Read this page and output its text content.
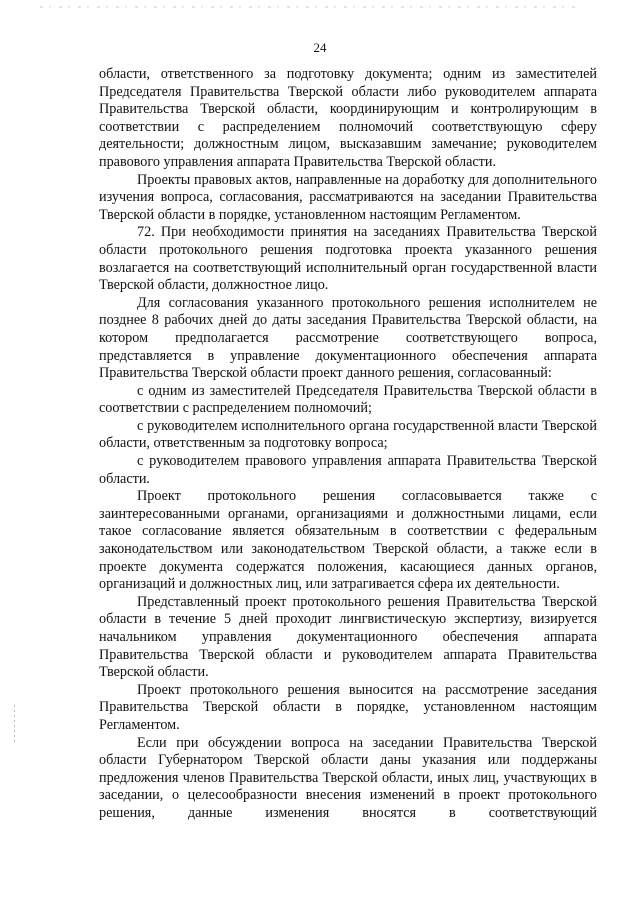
24

области, ответственного за подготовку документа; одним из заместителей Председателя Правительства Тверской области либо руководителем аппарата Правительства Тверской области, координирующим и контролирующим в соответствии с распределением полномочий соответствующую сферу деятельности; должностным лицом, высказавшим замечание; руководителем правового управления аппарата Правительства Тверской области.

Проекты правовых актов, направленные на доработку для дополнительного изучения вопроса, согласования, рассматриваются на заседании Правительства Тверской области в порядке, установленном настоящим Регламентом.

72. При необходимости принятия на заседаниях Правительства Тверской области протокольного решения подготовка проекта указанного решения возлагается на соответствующий исполнительный орган государственной власти Тверской области, должностное лицо.

Для согласования указанного протокольного решения исполнителем не позднее 8 рабочих дней до даты заседания Правительства Тверской области, на котором предполагается рассмотрение соответствующего вопроса, представляется в управление документационного обеспечения аппарата Правительства Тверской области проект данного решения, согласованный:

с одним из заместителей Председателя Правительства Тверской области в соответствии с распределением полномочий;

с руководителем исполнительного органа государственной власти Тверской области, ответственным за подготовку вопроса;

с руководителем правового управления аппарата Правительства Тверской области.

Проект протокольного решения согласовывается также с заинтересованными органами, организациями и должностными лицами, если такое согласование является обязательным в соответствии с федеральным законодательством или законодательством Тверской области, а также если в проекте документа содержатся положения, касающиеся данных органов, организаций и должностных лиц, или затрагивается сфера их деятельности.

Представленный проект протокольного решения Правительства Тверской области в течение 5 дней проходит лингвистическую экспертизу, визируется начальником управления документационного обеспечения аппарата Правительства Тверской области и руководителем аппарата Правительства Тверской области.

Проект протокольного решения выносится на рассмотрение заседания Правительства Тверской области в порядке, установленном настоящим Регламентом.

Если при обсуждении вопроса на заседании Правительства Тверской области Губернатором Тверской области даны указания или поддержаны предложения членов Правительства Тверской области, иных лиц, участвующих в заседании, о целесообразности внесения изменений в проект протокольного решения, данные изменения вносятся в соответствующий
